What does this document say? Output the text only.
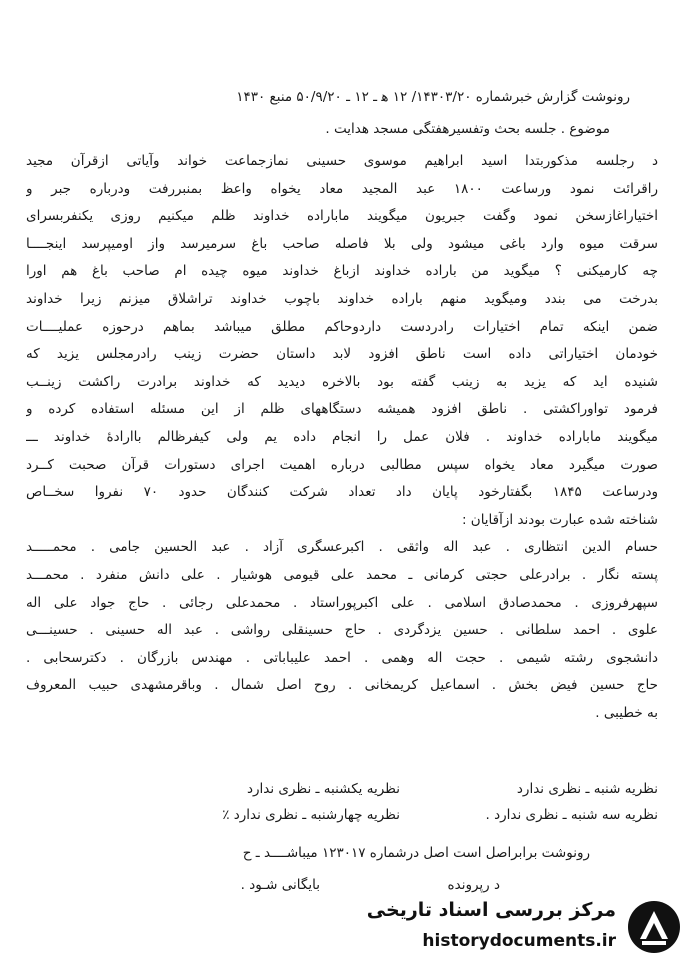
رونوشت گزارش خبرشماره ۱۴۳۰۳/۲۰/ ۱۲ ه‍ ـ ۱۲ ـ ۵۰/۹/۲۰ منبع ۱۴۳۰
موضوع . جلسه بحث وتفسیرهفتگی مسجد هدایت .
د رجلسه مذکوربتدا اسید ابراهیم موسوی حسینی نمازجماعت خواند وآیاتی ازقرآن مجید
راقرائت نمود ورساعت ۱۸۰۰ عبد المجید معاد یخواه واعظ بمنبررفت ودرباره جبر و
اختیاراغازسخن نمود وگفت جبریون میگویند ماباراده خداوند ظلم میکنیم روزی یکنفربسرای
سرقت میوه وارد باغی میشود ولی بلا فاصله صاحب باغ سرمیرسد واز اومیپرسد اینجــــا
چه کارمیکنی ؟ میگوید من باراده خداوند ازباغ خداوند میوه چیده ام صاحب باغ هم اورا
بدرخت می بندد ومیگوید منهم باراده خداوند باچوب خداوند تراشلاق میزنم زیرا خداوند
ضمن اینکه تمام اختیارات رادردست داردوحاکم مطلق میباشد بماهم درحوزه ‌‌‌‌‌عملیــــات
خودمان اختیاراتی داده است ناطق افزود لابد داستان حضرت زینب رادرمجلس یزید که
شنیده اید که یزید به زینب گفته بود بالاخره دیدید که خداوند برادرت راکشت زینــب
فرمود تواوراکشتی . ناطق افزود همیشه دستگاههای ظلم از این مسئله استفاده کرده و
میگویند ماباراده خداوند . فلان عمل را انجام داده یم ولی کیفرظالم باارادۀ خداوند ـــ
صورت میگیرد معاد یخواه سپس مطالبی درباره اهمیت اجرای دستورات قرآن صحبت کــرد
ودرساعت ۱۸۴۵ بگفتارخود پایان داد تعداد شرکت کنندگان حدود ۷۰ نفروا سخــاص
شناخته شده عبارت بودند ازآقایان :
حسام الدین انتظاری . عبد اله واثقی . اکبرعسگری آزاد . عبد الحسین جامی . محمـــــد
پسته نگار . برادرعلی حجتی کرمانی ـ محمد علی قیومی هوشیار . علی دانش منفرد . محمـــد
سپهرفروزی . محمدصادق اسلامی . علی اکبرپوراستاد . محمدعلی رجائی . حاج جواد علی اله
علوی . احمد سلطانی . حسین یزدگردی . حاج حسینقلی رواشی . عبد اله حسینی . حسینـــی
دانشجوی رشته شیمی . حجت اله وهمی . احمد علیباباتی . مهندس بازرگان . دکترسحابی .
حاج حسین فیض بخش . اسماعیل کریمخانی . روح اصل شمال . وباقرمشهدی حبیب المعروف
به خطیبی .
نظریه شنبه ـ نظری ندارد
نظریه یکشنبه ـ نظری ندارد
نظریه سه شنبه ـ نظری ندارد .
نظریه چهارشنبه ـ نظری ندارد ٪
رونوشت برابراصل است اصل درشماره ۱۲۳۰۱۷ میباشــــد ـ ح
د رپرونده
بایگانی شـود .
مرکز بررسی اسناد تاریخی
historydocuments.ir
